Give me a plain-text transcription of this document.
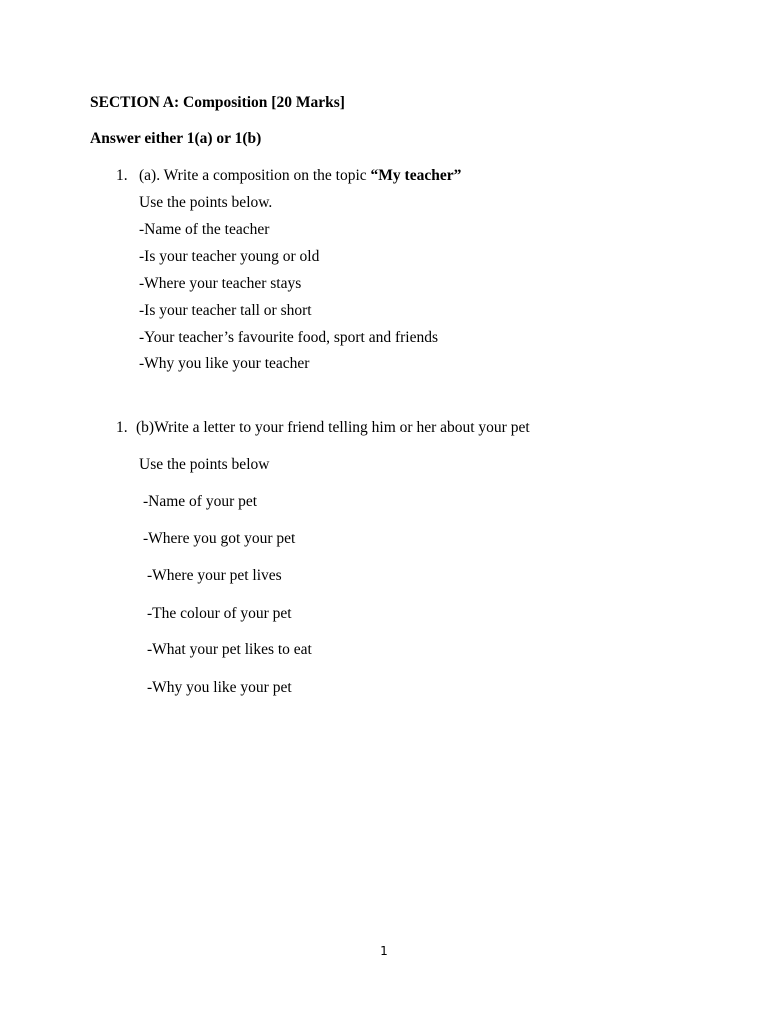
SECTION A: Composition [20 Marks]
Answer either 1(a) or 1(b)
1. (a). Write a composition on the topic “My teacher”
Use the points below.
-Name of the teacher
-Is your teacher young or old
-Where your teacher stays
-Is your teacher tall or short
-Your teacher’s favourite food, sport and friends
-Why you like your teacher
1. (b)Write a letter to your friend telling him or her about your pet
Use the points below
-Name of your pet
-Where you got your pet
-Where your pet lives
-The colour of your pet
-What your pet likes to eat
-Why you like your pet
1
